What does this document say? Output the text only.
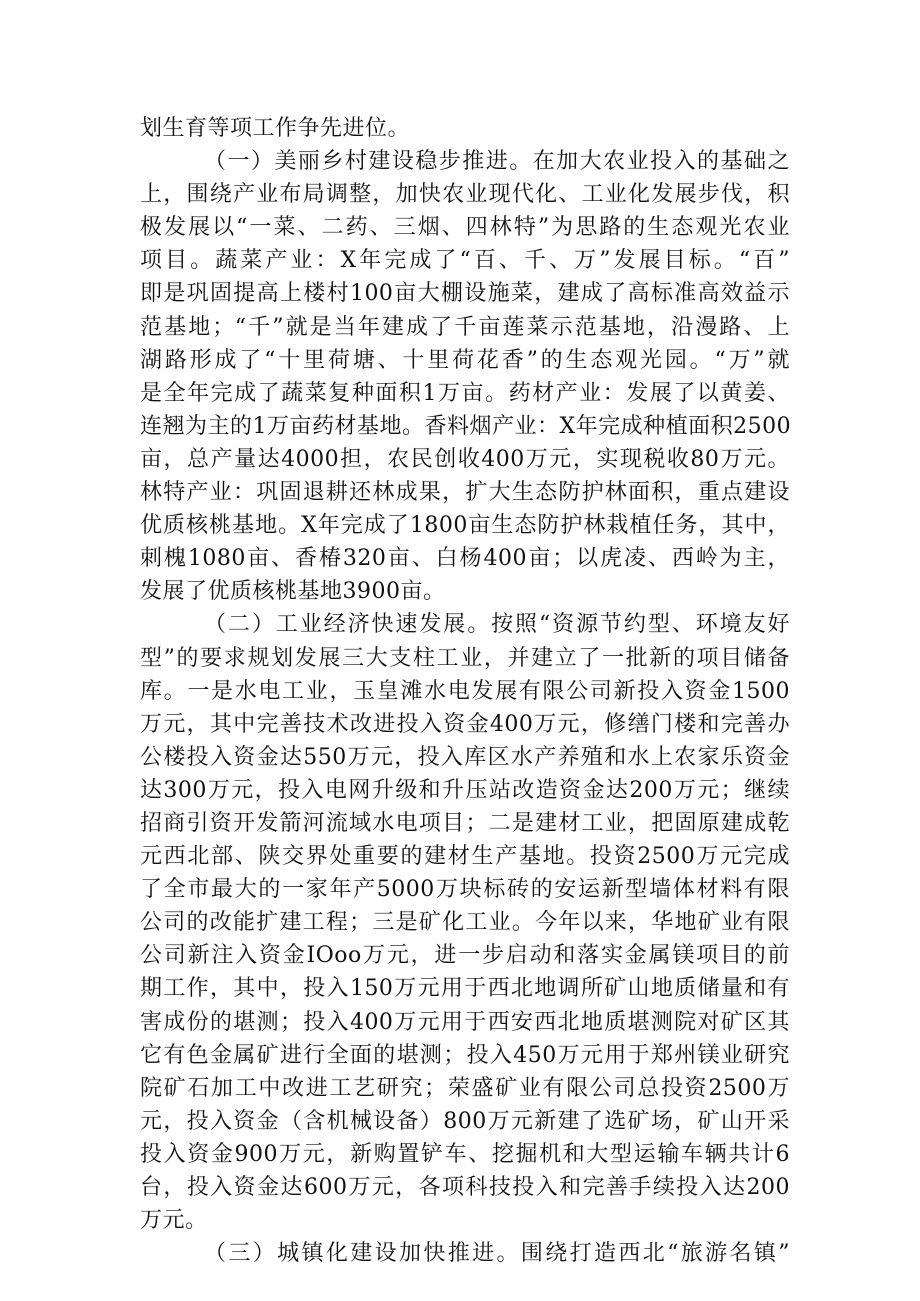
划生育等项工作争先进位。
（一）美丽乡村建设稳步推进。在加大农业投入的基础之
上，围绕产业布局调整，加快农业现代化、工业化发展步伐，积
极发展以“一菜、二药、三烟、四林特”为思路的生态观光农业
项目。蔬菜产业：X年完成了“百、千、万”发展目标。“百”
即是巩固提高上楼村100亩大棚设施菜，建成了高标准高效益示
范基地；“千”就是当年建成了千亩莲菜示范基地，沿漫路、上
湖路形成了“十里荷塘、十里荷花香”的生态观光园。“万”就
是全年完成了蔬菜复种面积1万亩。药材产业：发展了以黄姜、
连翘为主的1万亩药材基地。香料烟产业：X年完成种植面积2500
亩，总产量达4000担，农民创收400万元，实现税收80万元。
林特产业：巩固退耕还林成果，扩大生态防护林面积，重点建设
优质核桃基地。X年完成了1800亩生态防护林栽植任务，其中，
刺槐1080亩、香椿320亩、白杨400亩；以虎凌、西岭为主，
发展了优质核桃基地3900亩。
（二）工业经济快速发展。按照“资源节约型、环境友好
型”的要求规划发展三大支柱工业，并建立了一批新的项目储备
库。一是水电工业，玉皇滩水电发展有限公司新投入资金1500
万元，其中完善技术改进投入资金400万元，修缮门楼和完善办
公楼投入资金达550万元，投入库区水产养殖和水上农家乐资金
达300万元，投入电网升级和升压站改造资金达200万元；继续
招商引资开发箭河流域水电项目；二是建材工业，把固原建成乾
元西北部、陕交界处重要的建材生产基地。投资2500万元完成
了全市最大的一家年产5000万块标砖的安运新型墙体材料有限
公司的改能扩建工程；三是矿化工业。今年以来，华地矿业有限
公司新注入资金IOoo万元，进一步启动和落实金属镁项目的前
期工作，其中，投入150万元用于西北地调所矿山地质储量和有
害成份的堪测；投入400万元用于西安西北地质堪测院对矿区其
它有色金属矿进行全面的堪测；投入450万元用于郑州镁业研究
院矿石加工中改进工艺研究；荣盛矿业有限公司总投资2500万
元，投入资金（含机械设备）800万元新建了选矿场，矿山开采
投入资金900万元，新购置铲车、挖掘机和大型运输车辆共计6
台，投入资金达600万元，各项科技投入和完善手续投入达200
万元。
（三）城镇化建设加快推进。围绕打造西北“旅游名镇”
